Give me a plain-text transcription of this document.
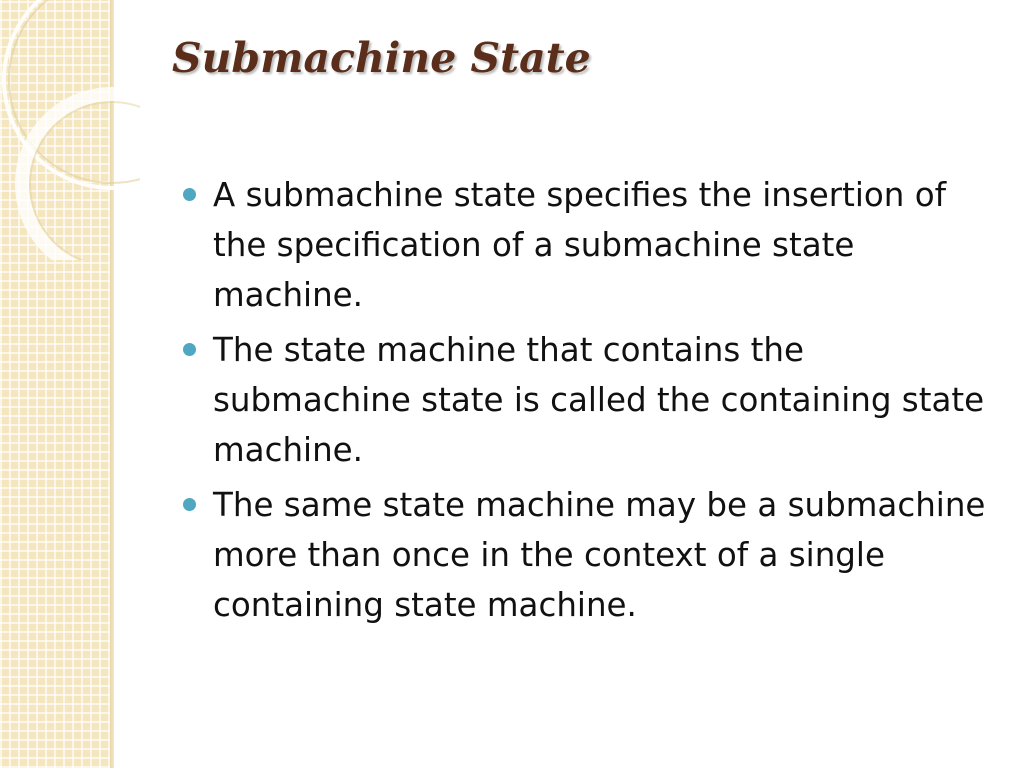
Submachine State
A submachine state specifies the insertion of the specification of a submachine state machine.
The state machine that contains the submachine state is called the containing state machine.
The same state machine may be a submachine more than once in the context of a single containing state machine.
